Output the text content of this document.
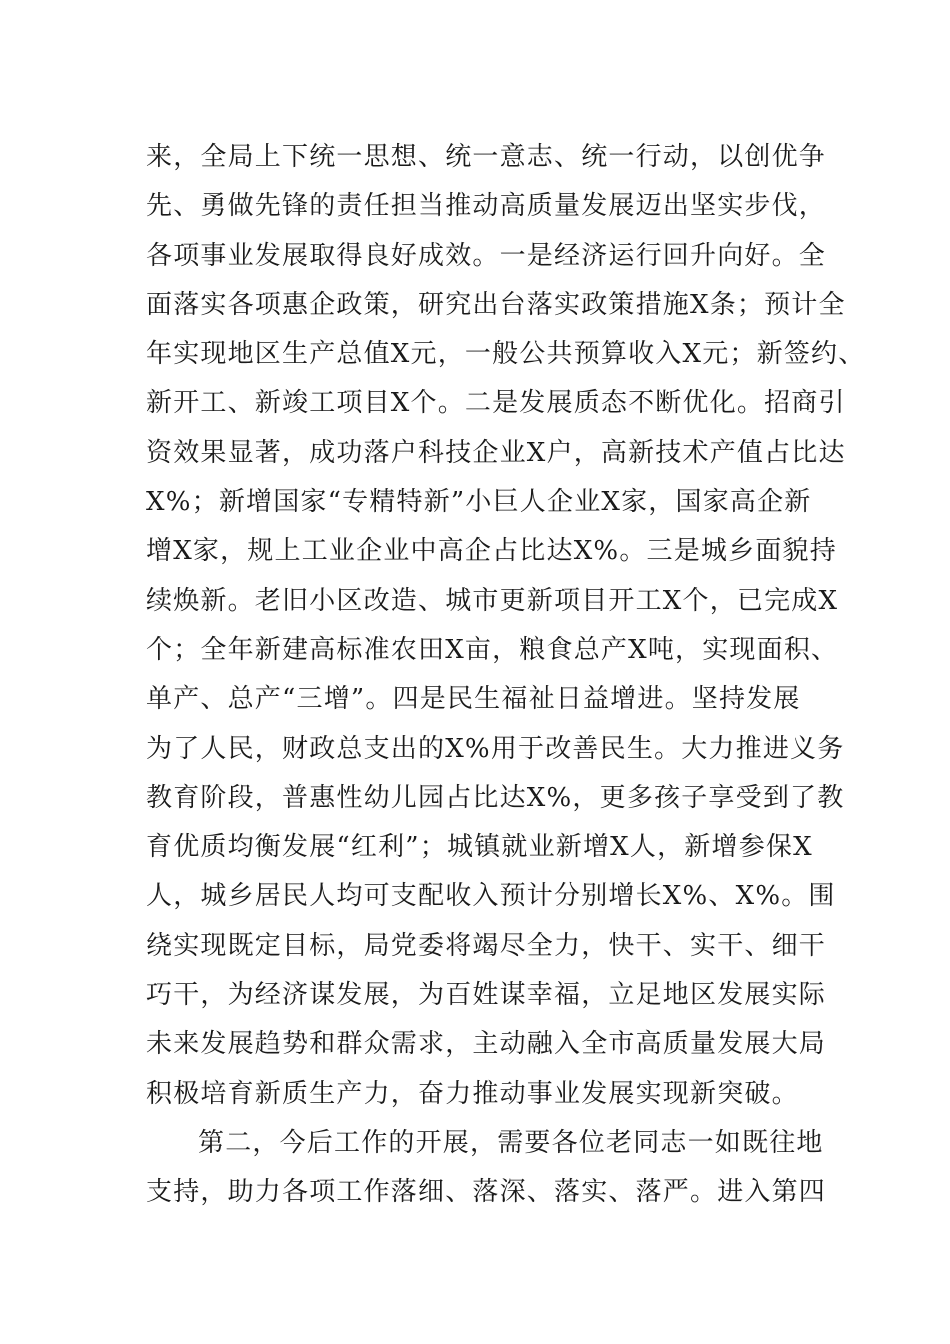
来，全局上下统一思想、统一意志、统一行动，以创优争
先、勇做先锋的责任担当推动高质量发展迈出坚实步伐，
各项事业发展取得良好成效。一是经济运行回升向好。全
面落实各项惠企政策，研究出台落实政策措施X条；预计全
年实现地区生产总值X元，一般公共预算收入X元；新签约、
新开工、新竣工项目X个。二是发展质态不断优化。招商引
资效果显著，成功落户科技企业X户，高新技术产值占比达
X%；新增国家“专精特新”小巨人企业X家，国家高企新
增X家，规上工业企业中高企占比达X%。三是城乡面貌持
续焕新。老旧小区改造、城市更新项目开工X个，已完成X
个；全年新建高标准农田X亩，粮食总产X吨，实现面积、
单产、总产“三增”。四是民生福祉日益增进。坚持发展
为了人民，财政总支出的X%用于改善民生。大力推进义务
教育阶段，普惠性幼儿园占比达X%，更多孩子享受到了教
育优质均衡发展“红利”；城镇就业新增X人，新增参保X
人，城乡居民人均可支配收入预计分别增长X%、X%。围
绕实现既定目标，局党委将竭尽全力，快干、实干、细干
巧干，为经济谋发展，为百姓谋幸福，立足地区发展实际
未来发展趋势和群众需求，主动融入全市高质量发展大局
积极培育新质生产力，奋力推动事业发展实现新突破。
第二，今后工作的开展，需要各位老同志一如既往地
支持，助力各项工作落细、落深、落实、落严。进入第四
